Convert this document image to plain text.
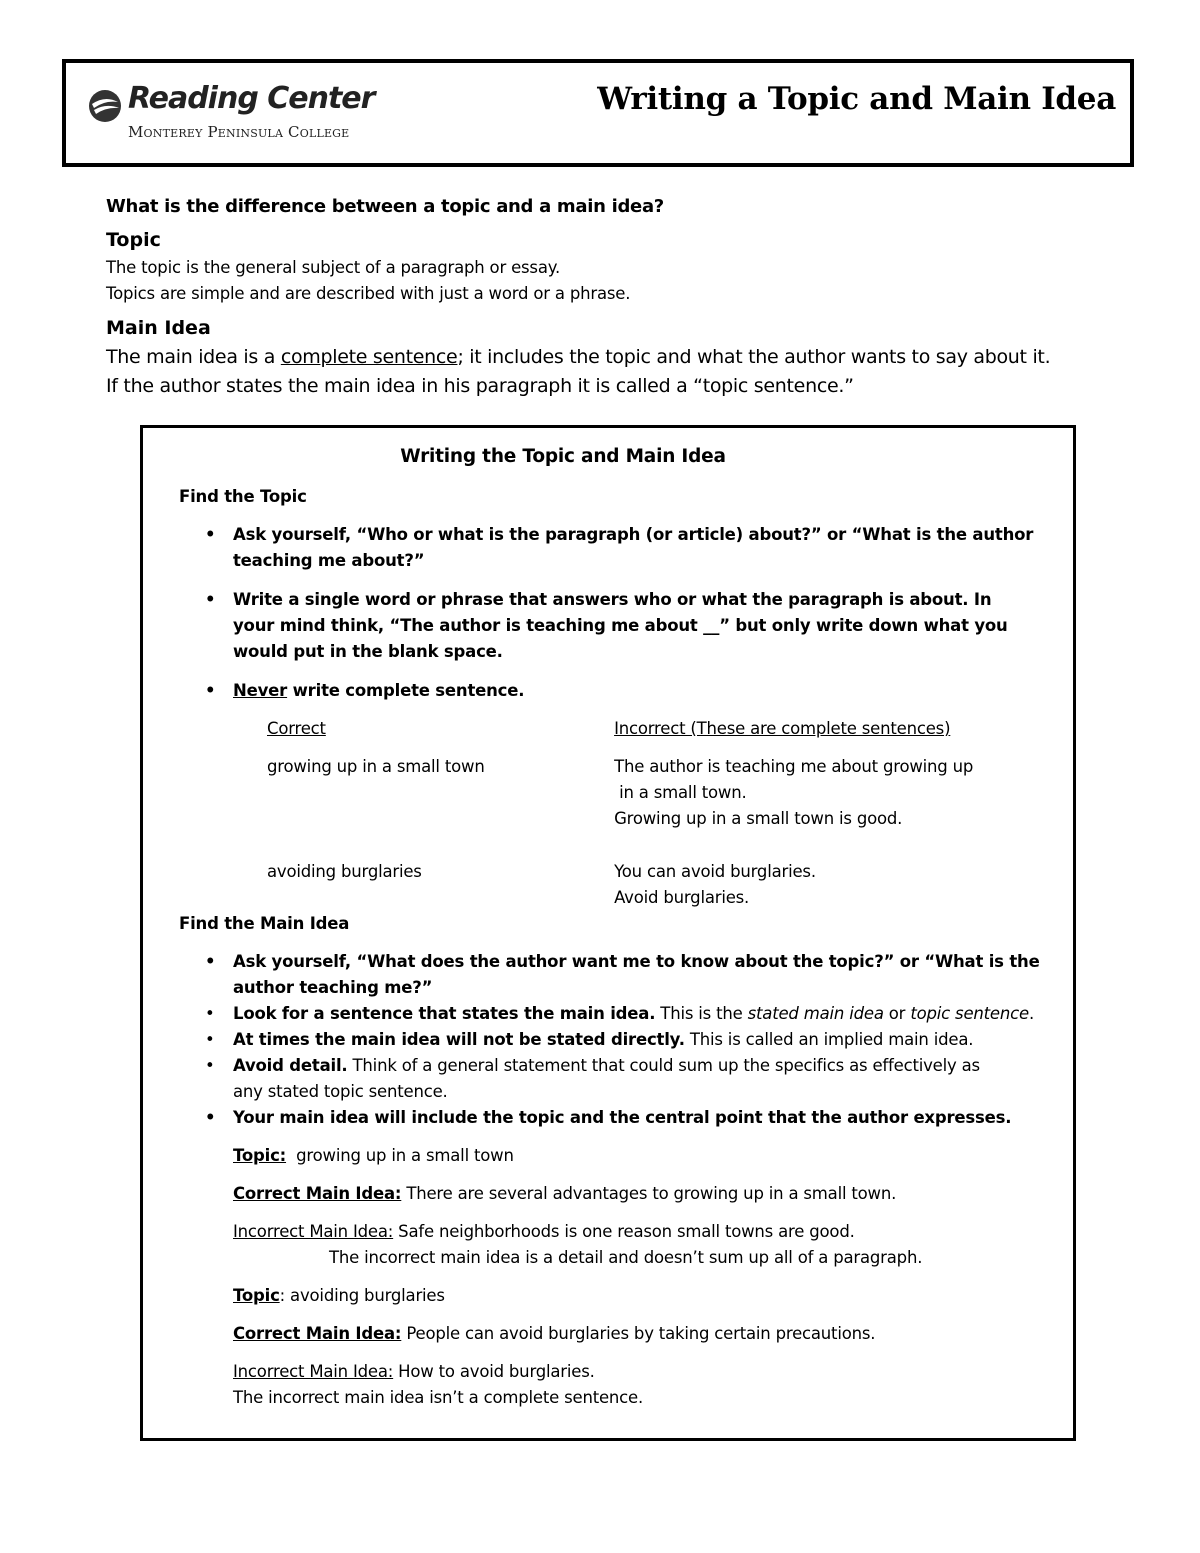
Reading Center
Monterey Peninsula College
Writing a Topic and Main Idea

What is the difference between a topic and a main idea?

Topic

The topic is the general subject of a paragraph or essay.

Topics are simple and are described with just a word or a phrase.

Main Idea

The main idea is a complete sentence; it includes the topic and what the author wants to say about it.

If the author states the main idea in his paragraph it is called a “topic sentence.”

Writing the Topic and Main Idea

Find the Topic

• Ask yourself, “Who or what is the paragraph (or article) about?” or “What is the author
teaching me about?”
• Write a single word or phrase that answers who or what the paragraph is about. In
your mind think, “The author is teaching me about __” but only write down what you
would put in the blank space.
• Never write complete sentence.
Correct	Incorrect (These are complete sentences)
growing up in a small town	The author is teaching me about growing up
in a small town.
Growing up in a small town is good.
avoiding burglaries	You can avoid burglaries.
Avoid burglaries.

Find the Main Idea

• Ask yourself, “What does the author want me to know about the topic?” or “What is the
author teaching me?”
• Look for a sentence that states the main idea. This is the stated main idea or topic sentence.
• At times the main idea will not be stated directly. This is called an implied main idea.
• Avoid detail. Think of a general statement that could sum up the specifics as effectively as
any stated topic sentence.
• Your main idea will include the topic and the central point that the author expresses.

Topic:  growing up in a small town

Correct Main Idea: There are several advantages to growing up in a small town.

Incorrect Main Idea: Safe neighborhoods is one reason small towns are good.

The incorrect main idea is a detail and doesn’t sum up all of a paragraph.

Topic: avoiding burglaries

Correct Main Idea: People can avoid burglaries by taking certain precautions.

Incorrect Main Idea: How to avoid burglaries.

The incorrect main idea isn’t a complete sentence.
